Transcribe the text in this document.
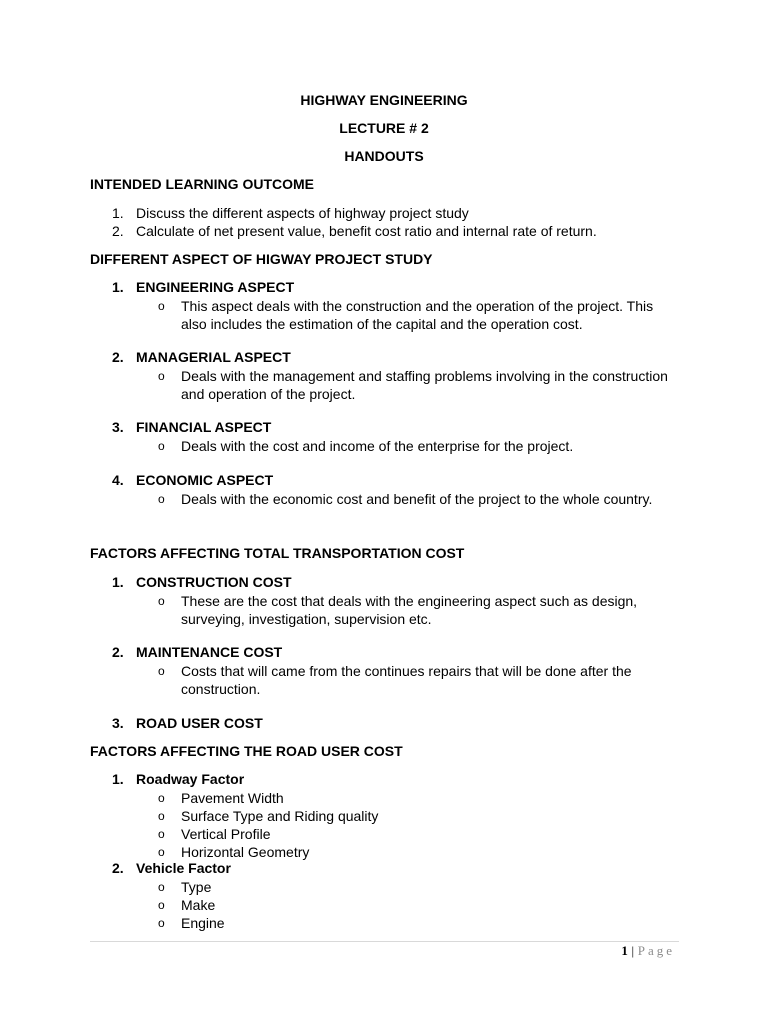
HIGHWAY ENGINEERING
LECTURE # 2
HANDOUTS
INTENDED LEARNING OUTCOME
1. Discuss the different aspects of highway project study
2. Calculate of net present value, benefit cost ratio and internal rate of return.
DIFFERENT ASPECT OF HIGWAY PROJECT STUDY
1. ENGINEERING ASPECT
o This aspect deals with the construction and the operation of the project. This also includes the estimation of the capital and the operation cost.
2. MANAGERIAL ASPECT
o Deals with the management and staffing problems involving in the construction and operation of the project.
3. FINANCIAL ASPECT
o Deals with the cost and income of the enterprise for the project.
4. ECONOMIC ASPECT
o Deals with the economic cost and benefit of the project to the whole country.
FACTORS AFFECTING TOTAL TRANSPORTATION COST
1. CONSTRUCTION COST
o These are the cost that deals with the engineering aspect such as design, surveying, investigation, supervision etc.
2. MAINTENANCE COST
o Costs that will came from the continues repairs that will be done after the construction.
3. ROAD USER COST
FACTORS AFFECTING THE ROAD USER COST
1. Roadway Factor
o Pavement Width
o Surface Type and Riding quality
o Vertical Profile
o Horizontal Geometry
2. Vehicle Factor
o Type
o Make
o Engine
1 | Page
